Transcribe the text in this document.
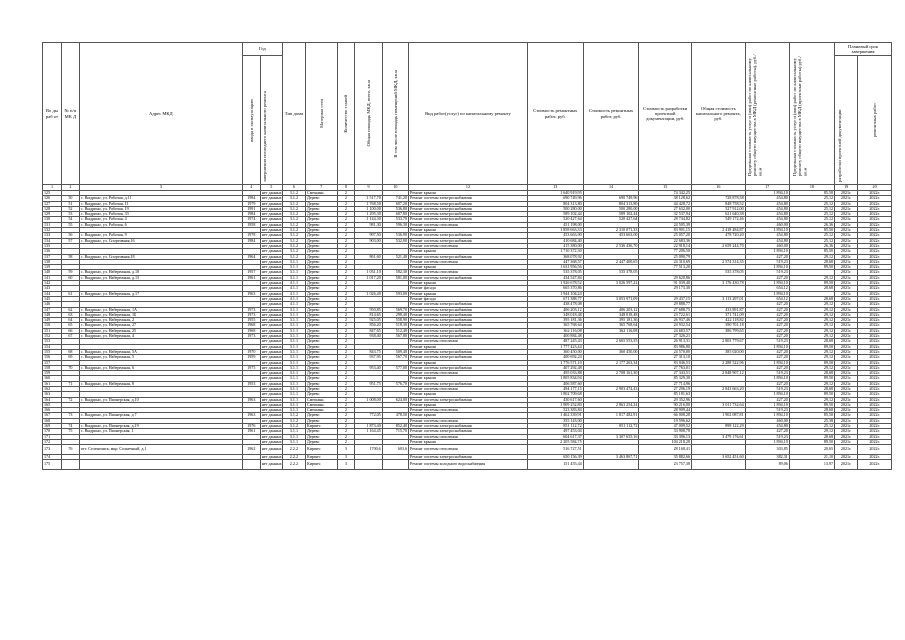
Во ды раб от	№ п/п МК Д	Адрес МКД	Год		Тип дома	Материал стен	Количество этажей	Общая площадь МКД, всего, кв.м	В том числе площадь помещений МКД, кв.м	Вид работ(услуг) по капитальному ремонту	Стоимость ремонтных работ, руб.	Стоимость ремонтных работ, руб.	Стоимость разработки проектной документации, руб.	Общая стоимость капитального ремонта, руб.	Предельная стоимость услуг и (или) работ по капитальному ремонту общего имущества в МКД (ремонтные работы), руб./кв.м	Предельная стоимость услуг и (или) работ по капитальному ремонту общего имущества в МКД (проектные работы) руб./кв.м	Плановый срок завершения	

			ввода в эксплуатацию	завершения последнего капитального ремонта													разработки проектной документации	ремонтных работ

1	2	3	4	5	6	7	8	9	10	12	13	14	15	16	17	18	19	20
125				нет данных	3.1.2	Смешанн.	2			Ремонт крыши	1 640 919,95		74 342,25		1 894,10	85,50	2021г.	2022г.
126	50	с. Выдрино, ул. Рабочая, д.11	1984	нет данных	3.1.2	Дерево	2	1 517,70	741,20	Ремонт системы электроснабжения	690 749,96	690 749,96	38 128,62	728 878,58	454,80	25,12	2021г.	2022г.
127	51	с. Выдрино, ул. Рабочая, 11	1979	нет данных	3.1.2	Дерево	2	1 768,50	607,20	Ремонт системы электроснабжения	804 313,80	804 313,80	44 428,72	848 758,52	454,80	25,12	2021г.	2022г.
128	52	с. Выдрино, ул. Рабочая, 19	1991	нет данных	3.1.2	Дерево	2	1 100,00	536,80	Ремонт системы электроснабжения	500 280,00	500 280,00	27 632,00	527 912,00	454,80	25,12	2021г.	2022г.
129	53	с. Выдрино, ул. Рабочая, 33	1984	нет данных	3.1.2	Дерево	2	1 295,30	607,80	Ремонт системы электроснабжения	589 102,44	589 102,44	32 537,94	621 640,38	454,80	25,12	2021г.	2022г.
130	54	с. Выдрино, ул. Рабочая, 4	1974	нет данных	3.1.2	Дерево	2	1 144,30	533,70	Ремонт системы электроснабжения	520 427,64	520 427,64	28 744,82	549 172,46	454,80	25,12	2021г.	2022г.
131	55	с. Выдрино, ул. Рабочая, 6	1958	нет данных	3.1.2	Дерево	2	981,30	596,30	Ремонт системы отопления	451 198,00		24 505,39		460,00	26,36	2021г.	2022г.
132				нет данных	3.1.2	Дерево	2			Ремонт крыши	1 858 663,33	2 310 071,33	83 901,15	2 418 484,87	1 894,10	85,50	2021г.	2022г.
133	56	с. Выдрино, ул. Рабочая, 9	1978	нет данных	3.1.2	Дерево	2	997,50	536,90	Ремонт системы электроснабжения	453 663,00	453 663,00	25 057,20	478 720,20	454,80	25,12	2021г.	2022г.
134	57	с. Выдрино, ул. Спортивная,16	1984	нет данных	3.1.2	Дерево	2	903,00	532,00	Ремонт системы электроснабжения	410 684,40		22 683,36		454,80	25,12	2021г.	2022г.
135				нет данных	3.1.2	Дерево	2			Ремонт системы отопления	415 380,00	2 536 436,70	22 918,14	2 659 244,70	460,00	26,36	2021г.	2022г.
136				нет данных	3.1.2	Дерево	2			Ремонт крыши	1 710 372,30		77 206,50		1 894,10	85,50	2021г.	2022г.
137	58	с. Выдрино, ул. Спортивная,18	1964	нет данных	3.1.2	Дерево	2	861,60	521,40	Ремонт системы электроснабжения	368 078,92		25 090,79		427,20	29,12	2021г.	2022г.
138				нет данных	3.1.1	Дерево	2			Ремонт системы отопления	447 368,57	2 447 400,65	24 310,69	2 574 314,35	519,23	28,68	2021г.	2022г.
139				нет данных	3.1.1	Дерево	2			Ремонт крыши	1 631 956,56		77 513,20		1 894,10	89,50	2021г.	2022г.
140	59	с. Выдрино, ул. Набережная, д.10	1957	нет данных	3.1.1	Дерево	2	1 031,10	582,30	Ремонт системы отопления	535 378,05	535 378,05		535 378,05	519,23		2021г.	2022г.
141	60	с. Выдрино, ул. Набережная, д.15	1961	нет данных	3.1.1	Дерево	2	1 017,20	581,00	Ремонт системы электроснабжения	434 547,84		29 620,86		427,20	29,12	2021г.	2022г.
142				нет данных	4.1.1	Дерево	2			Ремонт крыши	1 926 678,52	3 026 597,22	91 039,40	3 176 430,78	1 894,10	89,50	2021г.	2022г.
143				нет данных	4.1.1	Дерево	2			Ремонт фасада	665 370,86		29 173,30		654,12	28,68	2021г.	2022г.
144	61	с. Выдрино, ул. Набережная, д.17	1963	нет данных	4.1.1	Дерево	2	1 026,40	593,00	Ремонт крыши	1 944 104,24				1 894,10		2021г.	2022г.
145				нет данных	4.1.1	Дерево	2			Ремонт фасада	671 388,77	3 053 971,09	29 437,15	3 113 297,01	654,12	28,68	2021г.	2022г.
146				нет данных	4.1.1	Дерево	2			Ремонт системы электроснабжения	438 478,08		29 888,77		427,20	29,12	2021г.	2022г.
147	62	с. Выдрино, ул. Набережная, 1А	1973	нет данных	3.1.1	Дерево	2	950,85	569,70	Ремонт системы электроснабжения	406 203,12	406 203,12	27 688,75	433 891,87	427,20	29,12	2021г.	2022г.
148	63	с. Выдрино, ул. Набережная, 1Б	1973	нет данных	3.1.1	Дерево	2	814,65	298,40	Ремонт системы электроснабжения	348 018,48	348 018,48	23 722,61	371 741,09	427,20	29,12	2021г.	2022г.
149	64	с. Выдрино, ул. Набережная, 2	1955	нет данных	3.1.1	Дерево	2	925,05	558,90	Ремонт системы электроснабжения	395 181,36	395 181,36	26 937,46	422 118,82	427,20	29,12	2021г.	2022г.
150	65	с. Выдрино, ул. Набережная, 27	1968	нет данных	3.1.1	Дерево	2	856,20	518,30	Ремонт системы электроснабжения	365 768,64	365 768,64	24 932,54	390 701,18	427,20	29,12	2021г.	2022г.
151	66	с. Выдрино, ул. Набережная, 25	1968	нет данных	3.1.1	Дерево	2	847,65	512,40	Ремонт системы электроснабжения	362 116,08	362 116,08	24 683,57	386 799,65	427,20	29,12	2021г.	2022г.
152	67	с. Выдрино, ул. Набережная, 4	1973	нет данных	3.1.1	Дерево	2	938,40	567,80	Ремонт системы электроснабжения	400 884,48		27 326,21		427,20	29,12	2021г.	2022г.
153				нет данных	3.1.1	Дерево	2			Ремонт системы отопления	487 245,43	2 665 553,35	26 913,31	2 803 779,67	519,23	28,68	2021г.	2022г.
154				нет данных	3.1.1	Дерево	2			Ремонт крыши	1 777 423,44		83 986,80		1 894,10	89,50	2021г.	2022г.
155	68	с. Выдрино, ул. Набережная, 5А	1970	нет данных	3.1.1	Дерево	2	843,75	509,40	Ремонт системы электроснабжения	360 450,00	360 450,00	24 570,00	385 020,00	427,20	29,12	2021г.	2022г.
156	69	с. Выдрино, ул. Набережная, 5	1959	нет данных	3.1.1	Дерево	2	937,95	567,70	Ремонт системы электроснабжения	400 692,24		27 313,10		427,20	29,12	2021г.	2022г.
157				нет данных	3.1.1	Дерево	2			Ремонт крыши	1 776 571,10	2 177 263,34	83 946,53	2 288 522,96	1 894,10	89,50	2021г.	2022г.
158	70	с. Выдрино, ул. Набережная, 6	1975	нет данных	3.1.1	Дерево	2	953,40	577,00	Ремонт системы электроснабжения	407 292,48		27 763,01		427,20	29,12	2021г.	2022г.
159				нет данных	3.1.1	Дерево	2			Ремонт системы отопления	495 033,88	2 708 161,30	27 343,51	2 848 907,12	519,23	28,68	2021г.	2022г.
160				нет данных	3.1.1	Дерево	2			Ремонт крыши	1 805 834,94		85 329,30		1 894,10	89,50	2021г.	2022г.
161	71	с. Выдрино, ул. Набережная, 8	1953	нет данных	3.1.1	Дерево	2	951,75	576,70	Ремонт системы электроснабжения	406 587,60		27 714,96		427,20	29,12	2021г.	2022г.
162				нет данных	3.1.1	Дерево	2			Ремонт системы отопления	494 177,15	2 903 474,43	27 296,19	2 843 663,20	519,23	28,68	2021г.	2022г.
163				нет данных	3.1.1	Дерево	2			Ремонт крыши	1 802 709,68		85 181,63		1 894,10	89,50	2021г.	2022г.
164	72	с. Выдрино, ул. Пионерская, д.10	1963	нет данных	3.1.1	Смешанн.	2	1 008,00	624,00	Ремонт системы электроснабжения	430 617,60		29 352,96		427,20	29,12	2021г.	2022г.
165				нет данных	3.1.1	Смешанн.	2			Ремонт крыши	1 909 252,80	2 863 254,24	90 216,00	3 011 732,64	1 894,10	89,50	2021г.	2022г.
166				нет данных	3.1.1	Смешанн.	2			Ремонт системы отопления	523 383,84		28 909,44		519,23	28,68	2021г.	2022г.
167	73	с. Выдрино, ул. Пионерская, д.7	1963	нет данных	3.1.2	Дерево	2	772,05	478,50	Ремонт крыши	1 462 339,91	1 817 482,91	66 008,28	1 902 087,81	1 894,10	85,50	2021г.	2022г.
168				нет данных	3.1.2	Дерево	2			Ремонт системы отопления	355 143,00		19 596,62		460,00	25,38	2021г.	2022г.
169	74	с. Выдрино, ул. Пионерская, д.19	1976	нет данных	3.1.2	Кирпич	2	1 873,40	852,40	Ремонт системы электроснабжения	851 112,72	851 112,72	47 009,52	898 122,29	454,80	25,12	2021г.	2022г.
170	75	с. Выдрино, ул. Пионерская, 1	1961	нет данных	3.1.1	Дерево	2	1 164,45	715,70	Ремонт системы электроснабжения	497 453,04		33 908,78		427,20	29,12	2021г.	2022г.
171				нет данных	3.1.1	Дерево	2			Ремонт системы отопления	604 617,37	3 307 655,16	33 396,13	3 479 176,61	519,23	28,68	2021г.	2022г.
172				нет данных	3.1.1	Дерево	2			Ремонт крыши	2 205 584,75		104 218,28		1 894,10	89,50	2021г.	2022г.
173	76	пгт. Селенгинск, мкр. Солнечный, д.1	1962	нет данных	2.2.2	Кирпич	3	1700,6	603,6	Ремонт системы отопления	516 727,51		28 168,41		303,85	20,65	2021г.	2022г.
174				нет данных	2.2.2	Кирпич	3			Ремонт системы электроснабжения	650 156,39	3 463 867,71	35 882,66	3 652 451,60	382,31	21,10	2021г.	2022г.
175				нет данных	2.2.2	Кирпич	3			Ремонт системы холодного водоснабжения	151 455,44		23 757,38		89,06	13,97	2021г.	2022г.
